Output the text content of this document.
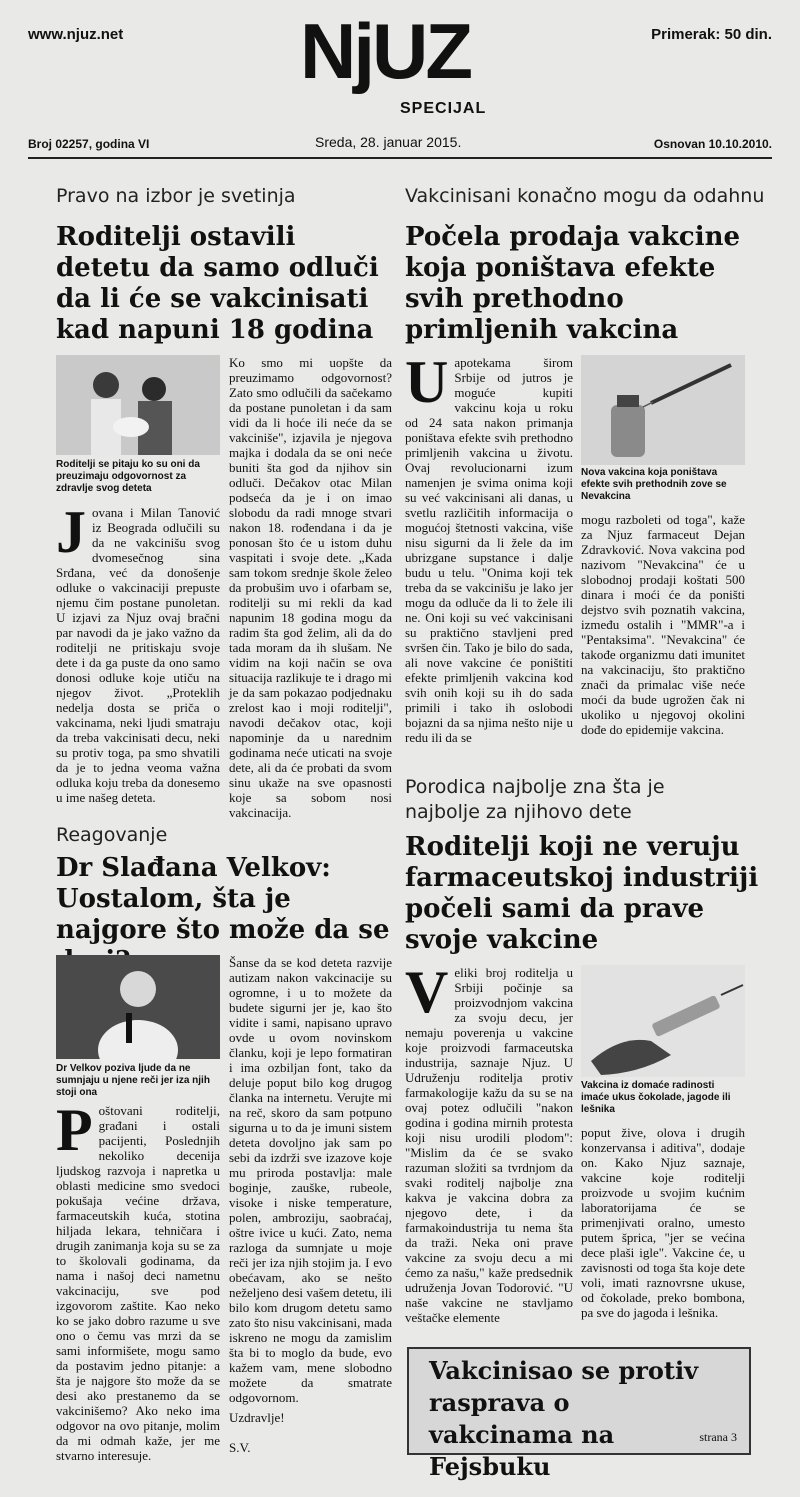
www.njuz.net	Primerak: 50 din.
NjUZ
SPECIJAL
Broj 02257, godina VI	Sreda, 28. januar 2015.	Osnovan 10.10.2010.
Pravo na izbor je svetinja
Roditelji ostavili detetu da samo odluči da li će se vakcinisati kad napuni 18 godina
Roditelji se pitaju ko su oni da preuzimaju odgovornost za zdravlje svog deteta
Jovana i Milan Tanović iz Beograda odlučili su da ne vakcinišu svog dvomesečnog sina Srđana, već da donošenje odluke o vakcinaciji prepuste njemu čim postane punoletan. U izjavi za Njuz ovaj bračni par navodi da je jako važno da roditelji ne pritiskaju svoje dete i da ga puste da ono samo donosi odluke koje utiču na njegov život. „Proteklih nedelja dosta se priča o vakcinama, neki ljudi smatraju da treba vakcinisati decu, neki su protiv toga, pa smo shvatili da je to jedna veoma važna odluka koju treba da donesemo u ime našeg deteta.
Ko smo mi uopšte da preuzimamo odgovornost? Zato smo odlučili da sačekamo da postane punoletan i da sam vidi da li hoće ili neće da se vakciniše", izjavila je njegova majka i dodala da se oni neće buniti šta god da njihov sin odluči. Dečakov otac Milan podseća da je i on imao slobodu da radi mnoge stvari nakon 18. rođendana i da je ponosan što će u istom duhu vaspitati i svoje dete. „Kada sam tokom srednje škole želeo da probušim uvo i ofarbam se, roditelji su mi rekli da kad napunim 18 godina mogu da radim šta god želim, ali da do tada moram da ih slušam. Ne vidim na koji način se ova situacija razlikuje te i drago mi je da sam pokazao podjednaku zrelost kao i moji roditelji", navodi dečakov otac, koji napominje da u narednim godinama neće uticati na svoje dete, ali da će probati da svom sinu ukaže na sve opasnosti koje sa sobom nosi vakcinacija.
Vakcinisani konačno mogu da odahnu
Počela prodaja vakcine koja poništava efekte svih prethodno primljenih vakcina
Uapotekama širom Srbije od jutros je moguće kupiti vakcinu koja u roku od 24 sata nakon primanja poništava efekte svih prethodno primljenih vakcina u životu. Ovaj revolucionarni izum namenjen je svima onima koji su već vakcinisani ali danas, u svetlu različitih informacija o mogućoj štetnosti vakcina, više nisu sigurni da li žele da im ubrizgane supstance i dalje budu u telu. "Onima koji tek treba da se vakcinišu je lako jer mogu da odluče da li to žele ili ne. Oni koji su već vakcinisani su praktično stavljeni pred svršen čin. Tako je bilo do sada, ali nove vakcine će poništiti efekte primljenih vakcina kod svih onih koji su ih do sada primili i tako ih oslobodi bojazni da sa njima nešto nije u redu ili da se
Nova vakcina koja poništava efekte svih prethodnih zove se Nevakcina
mogu razboleti od toga", kaže za Njuz farmaceut Dejan Zdravković. Nova vakcina pod nazivom "Nevakcina" će u slobodnoj prodaji koštati 500 dinara i moći će da poništi dejstvo svih poznatih vakcina, između ostalih i "MMR"-a i "Pentaksima". "Nevakcina" će takođe organizmu dati imunitet na vakcinaciju, što praktično znači da primalac više neće moći da bude ugrožen čak ni ukoliko u njegovoj okolini dođe do epidemije vakcina.
Reagovanje
Dr Slađana Velkov: Uostalom, šta je najgore što može da se
Dr Velkov poziva ljude da ne sumnjaju u njene reči jer iza njih stoji ona
Poštovani roditelji, građani i ostali pacijenti, Poslednjih nekoliko decenija ljudskog razvoja i napretka u oblasti medicine smo svedoci pokušaja većine država, farmaceutskih kuća, stotina hiljada lekara, tehničara i drugih zanimanja koja su se za to školovali godinama, da nama i našoj deci nametnu vakcinaciju, sve pod izgovorom zaštite. Kao neko ko se jako dobro razume u sve ono o čemu vas mrzi da se sami informišete, mogu samo da postavim jedno pitanje: a šta je najgore što može da se desi ako prestanemo da se vakcinišemo? Ako neko ima odgovor na ovo pitanje, molim da mi odmah kaže, jer me stvarno interesuje.
Šanse da se kod deteta razvije autizam nakon vakcinacije su ogromne, i u to možete da budete sigurni jer je, kao što vidite i sami, napisano upravo ovde u ovom novinskom članku, koji je lepo formatiran i ima ozbiljan font, tako da deluje poput bilo kog drugog članka na internetu. Verujte mi na reč, skoro da sam potpuno sigurna u to da je imuni sistem deteta dovoljno jak sam po sebi da izdrži sve izazove koje mu priroda postavlja: male boginje, zauške, rubeole, visoke i niske temperature, polen, ambroziju, saobraćaj, oštre ivice u kući. Zato, nema razloga da sumnjate u moje reči jer iza njih stojim ja. I evo obećavam, ako se nešto neželjeno desi vašem detetu, ili bilo kom drugom detetu samo zato što nisu vakcinisani, mada iskreno ne mogu da zamislim šta bi to moglo da bude, evo kažem vam, mene slobodno možete da smatrate odgovornom.
Uzdravlje!
S.V.
Porodica najbolje zna šta je najbolje za njihovo dete
Roditelji koji ne veruju farmaceutskoj industriji počeli sami da prave svoje vakcine
Veliki broj roditelja u Srbiji počinje sa proizvodnjom vakcina za svoju decu, jer nemaju poverenja u vakcine koje proizvodi farmaceutska industrija, saznaje Njuz. U Udruženju roditelja protiv farmakologije kažu da su se na ovaj potez odlučili "nakon godina i godina mirnih protesta koji nisu urodili plodom": "Mislim da će se svako razuman složiti sa tvrdnjom da svaki roditelj najbolje zna kakva je vakcina dobra za njegovo dete, i da farmakoindustrija tu nema šta da traži. Neka oni prave vakcine za svoju decu a mi ćemo za našu," kaže predsednik udruženja Jovan Todorović. "U naše vakcine ne stavljamo veštačke elemente
Vakcina iz domaće radinosti imaće ukus čokolade, jagode ili lešnika
poput žive, olova i drugih konzervansa i aditiva", dodaje on. Kako Njuz saznaje, vakcine koje roditelji proizvode u svojim kućnim laboratorijama će se primenjivati oralno, umesto putem šprica, "jer se većina dece plaši igle". Vakcine će, u zavisnosti od toga šta koje dete voli, imati raznovrsne ukuse, od čokolade, preko bombona, pa sve do jagoda i lešnika.
Vakcinisao se protiv rasprava o vakcinama na Fejsbuku
strana 3
